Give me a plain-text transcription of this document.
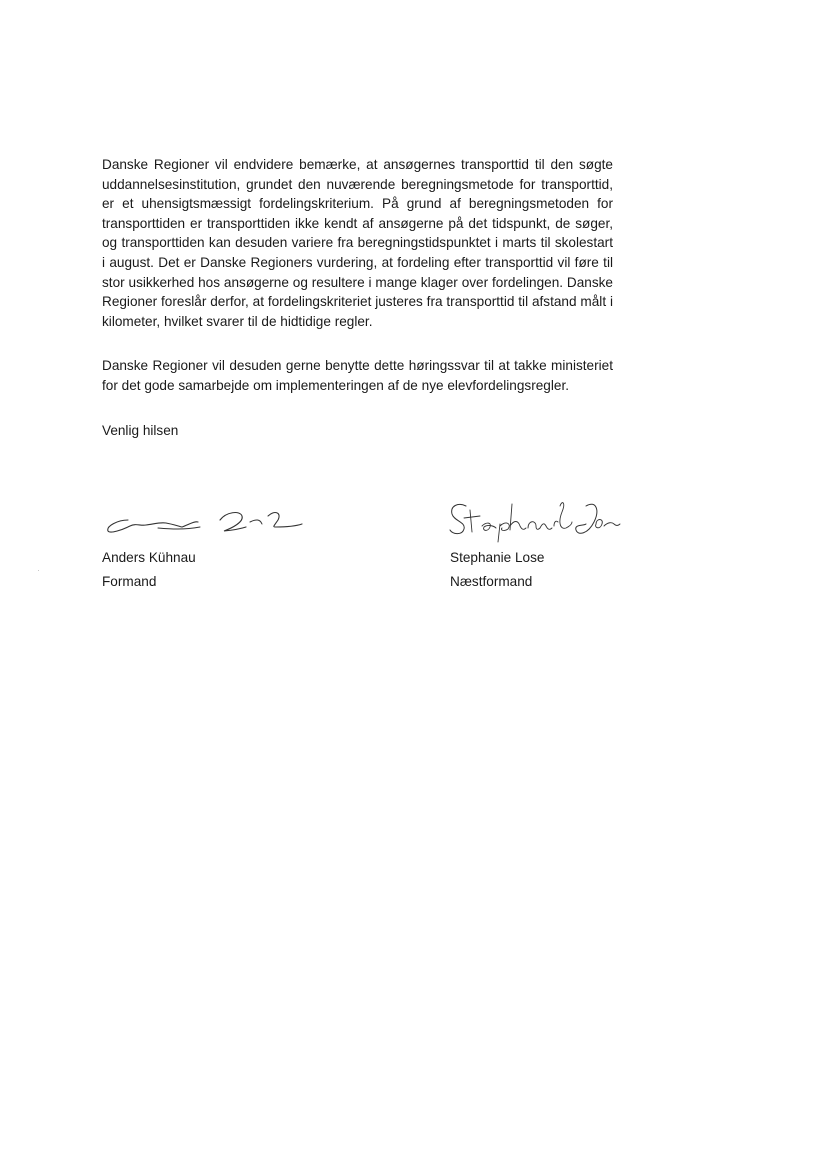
Danske Regioner vil endvidere bemærke, at ansøgernes transporttid til den søgte uddannelsesinstitution, grundet den nuværende beregningsmetode for transporttid, er et uhensigtsmæssigt fordelingskriterium. På grund af beregningsmetoden for transporttiden er transporttiden ikke kendt af ansøgerne på det tidspunkt, de søger, og transporttiden kan desuden variere fra beregningstidspunktet i marts til skolestart i august. Det er Danske Regioners vurdering, at fordeling efter transporttid vil føre til stor usikkerhed hos ansøgerne og resultere i mange klager over fordelingen. Danske Regioner foreslår derfor, at fordelingskriteriet justeres fra transporttid til afstand målt i kilometer, hvilket svarer til de hidtidige regler.

Danske Regioner vil desuden gerne benytte dette høringssvar til at takke ministeriet for det gode samarbejde om implementeringen af de nye elevfordelingsregler.

Venlig hilsen

Anders Kühnau
Formand
Stephanie Lose
Næstformand
